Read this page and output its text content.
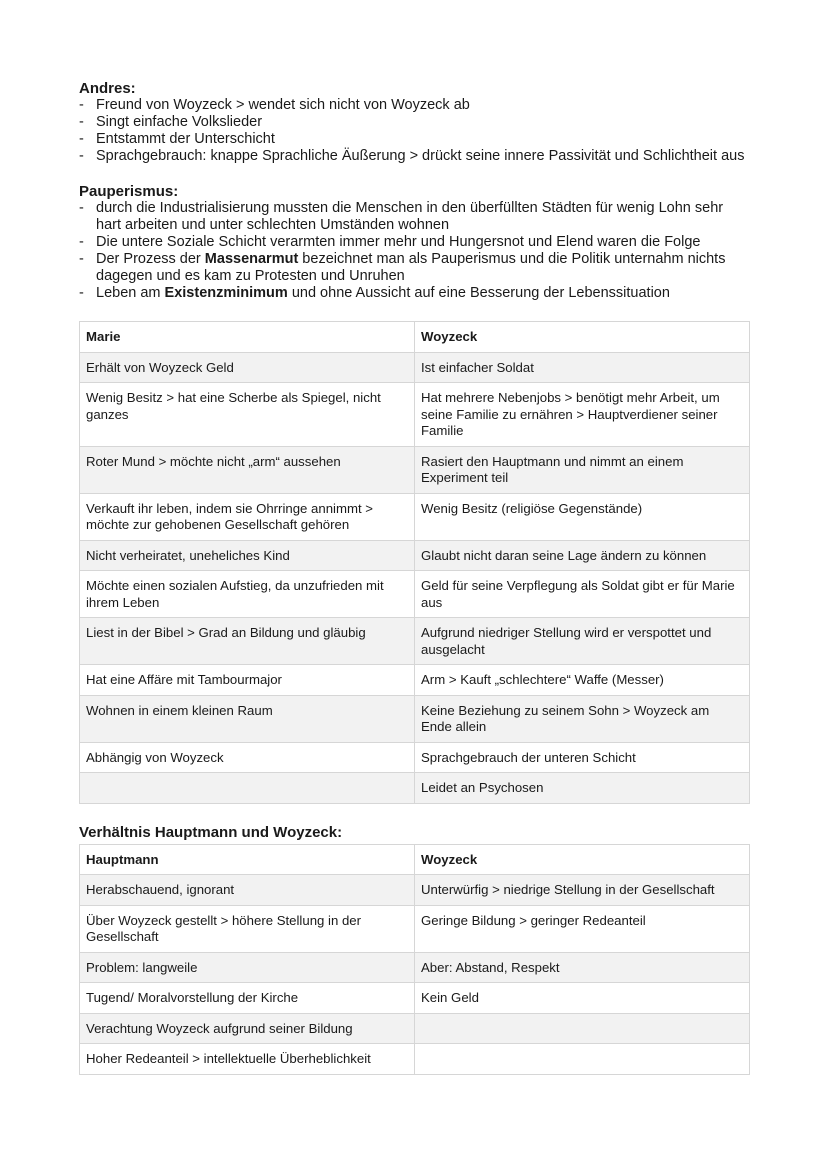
Andres:
- Freund von Woyzeck > wendet sich nicht von Woyzeck ab
- Singt einfache Volkslieder
- Entstammt der Unterschicht
- Sprachgebrauch: knappe Sprachliche Äußerung > drückt seine innere Passivität und Schlichtheit aus
Pauperismus:
- durch die Industrialisierung mussten die Menschen in den überfüllten Städten für wenig Lohn sehr hart arbeiten und unter schlechten Umständen wohnen
- Die untere Soziale Schicht verarmten immer mehr und Hungersnot und Elend waren die Folge
- Der Prozess der Massenarmut bezeichnet man als Pauperismus und die Politik unternahm nichts dagegen und es kam zu Protesten und Unruhen
- Leben am Existenzminimum und ohne Aussicht auf eine Besserung der Lebenssituation
Marie	Woyzeck
Erhält von Woyzeck Geld	Ist einfacher Soldat
Wenig Besitz > hat eine Scherbe als Spiegel, nicht ganzes	Hat mehrere Nebenjobs > benötigt mehr Arbeit, um seine Familie zu ernähren > Hauptverdiener seiner Familie
Roter Mund > möchte nicht „arm“ aussehen	Rasiert den Hauptmann und nimmt an einem Experiment teil
Verkauft ihr leben, indem sie Ohrringe annimmt > möchte zur gehobenen Gesellschaft gehören	Wenig Besitz (religiöse Gegenstände)
Nicht verheiratet, uneheliches Kind	Glaubt nicht daran seine Lage ändern zu können
Möchte einen sozialen Aufstieg, da unzufrieden mit ihrem Leben	Geld für seine Verpflegung als Soldat gibt er für Marie aus
Liest in der Bibel > Grad an Bildung und gläubig	Aufgrund niedriger Stellung wird er verspottet und ausgelacht
Hat eine Affäre mit Tambourmajor	Arm > Kauft „schlechtere“ Waffe (Messer)
Wohnen in einem kleinen Raum	Keine Beziehung zu seinem Sohn > Woyzeck am Ende allein
Abhängig von Woyzeck	Sprachgebrauch der unteren Schicht
	Leidet an Psychosen
Verhältnis Hauptmann und Woyzeck:
Hauptmann	Woyzeck
Herabschauend, ignorant	Unterwürfig > niedrige Stellung in der Gesellschaft
Über Woyzeck gestellt > höhere Stellung in der Gesellschaft	Geringe Bildung > geringer Redeanteil
Problem: langweile	Aber: Abstand, Respekt
Tugend/ Moralvorstellung der Kirche	Kein Geld
Verachtung Woyzeck aufgrund seiner Bildung	
Hoher Redeanteil > intellektuelle Überheblichkeit	
